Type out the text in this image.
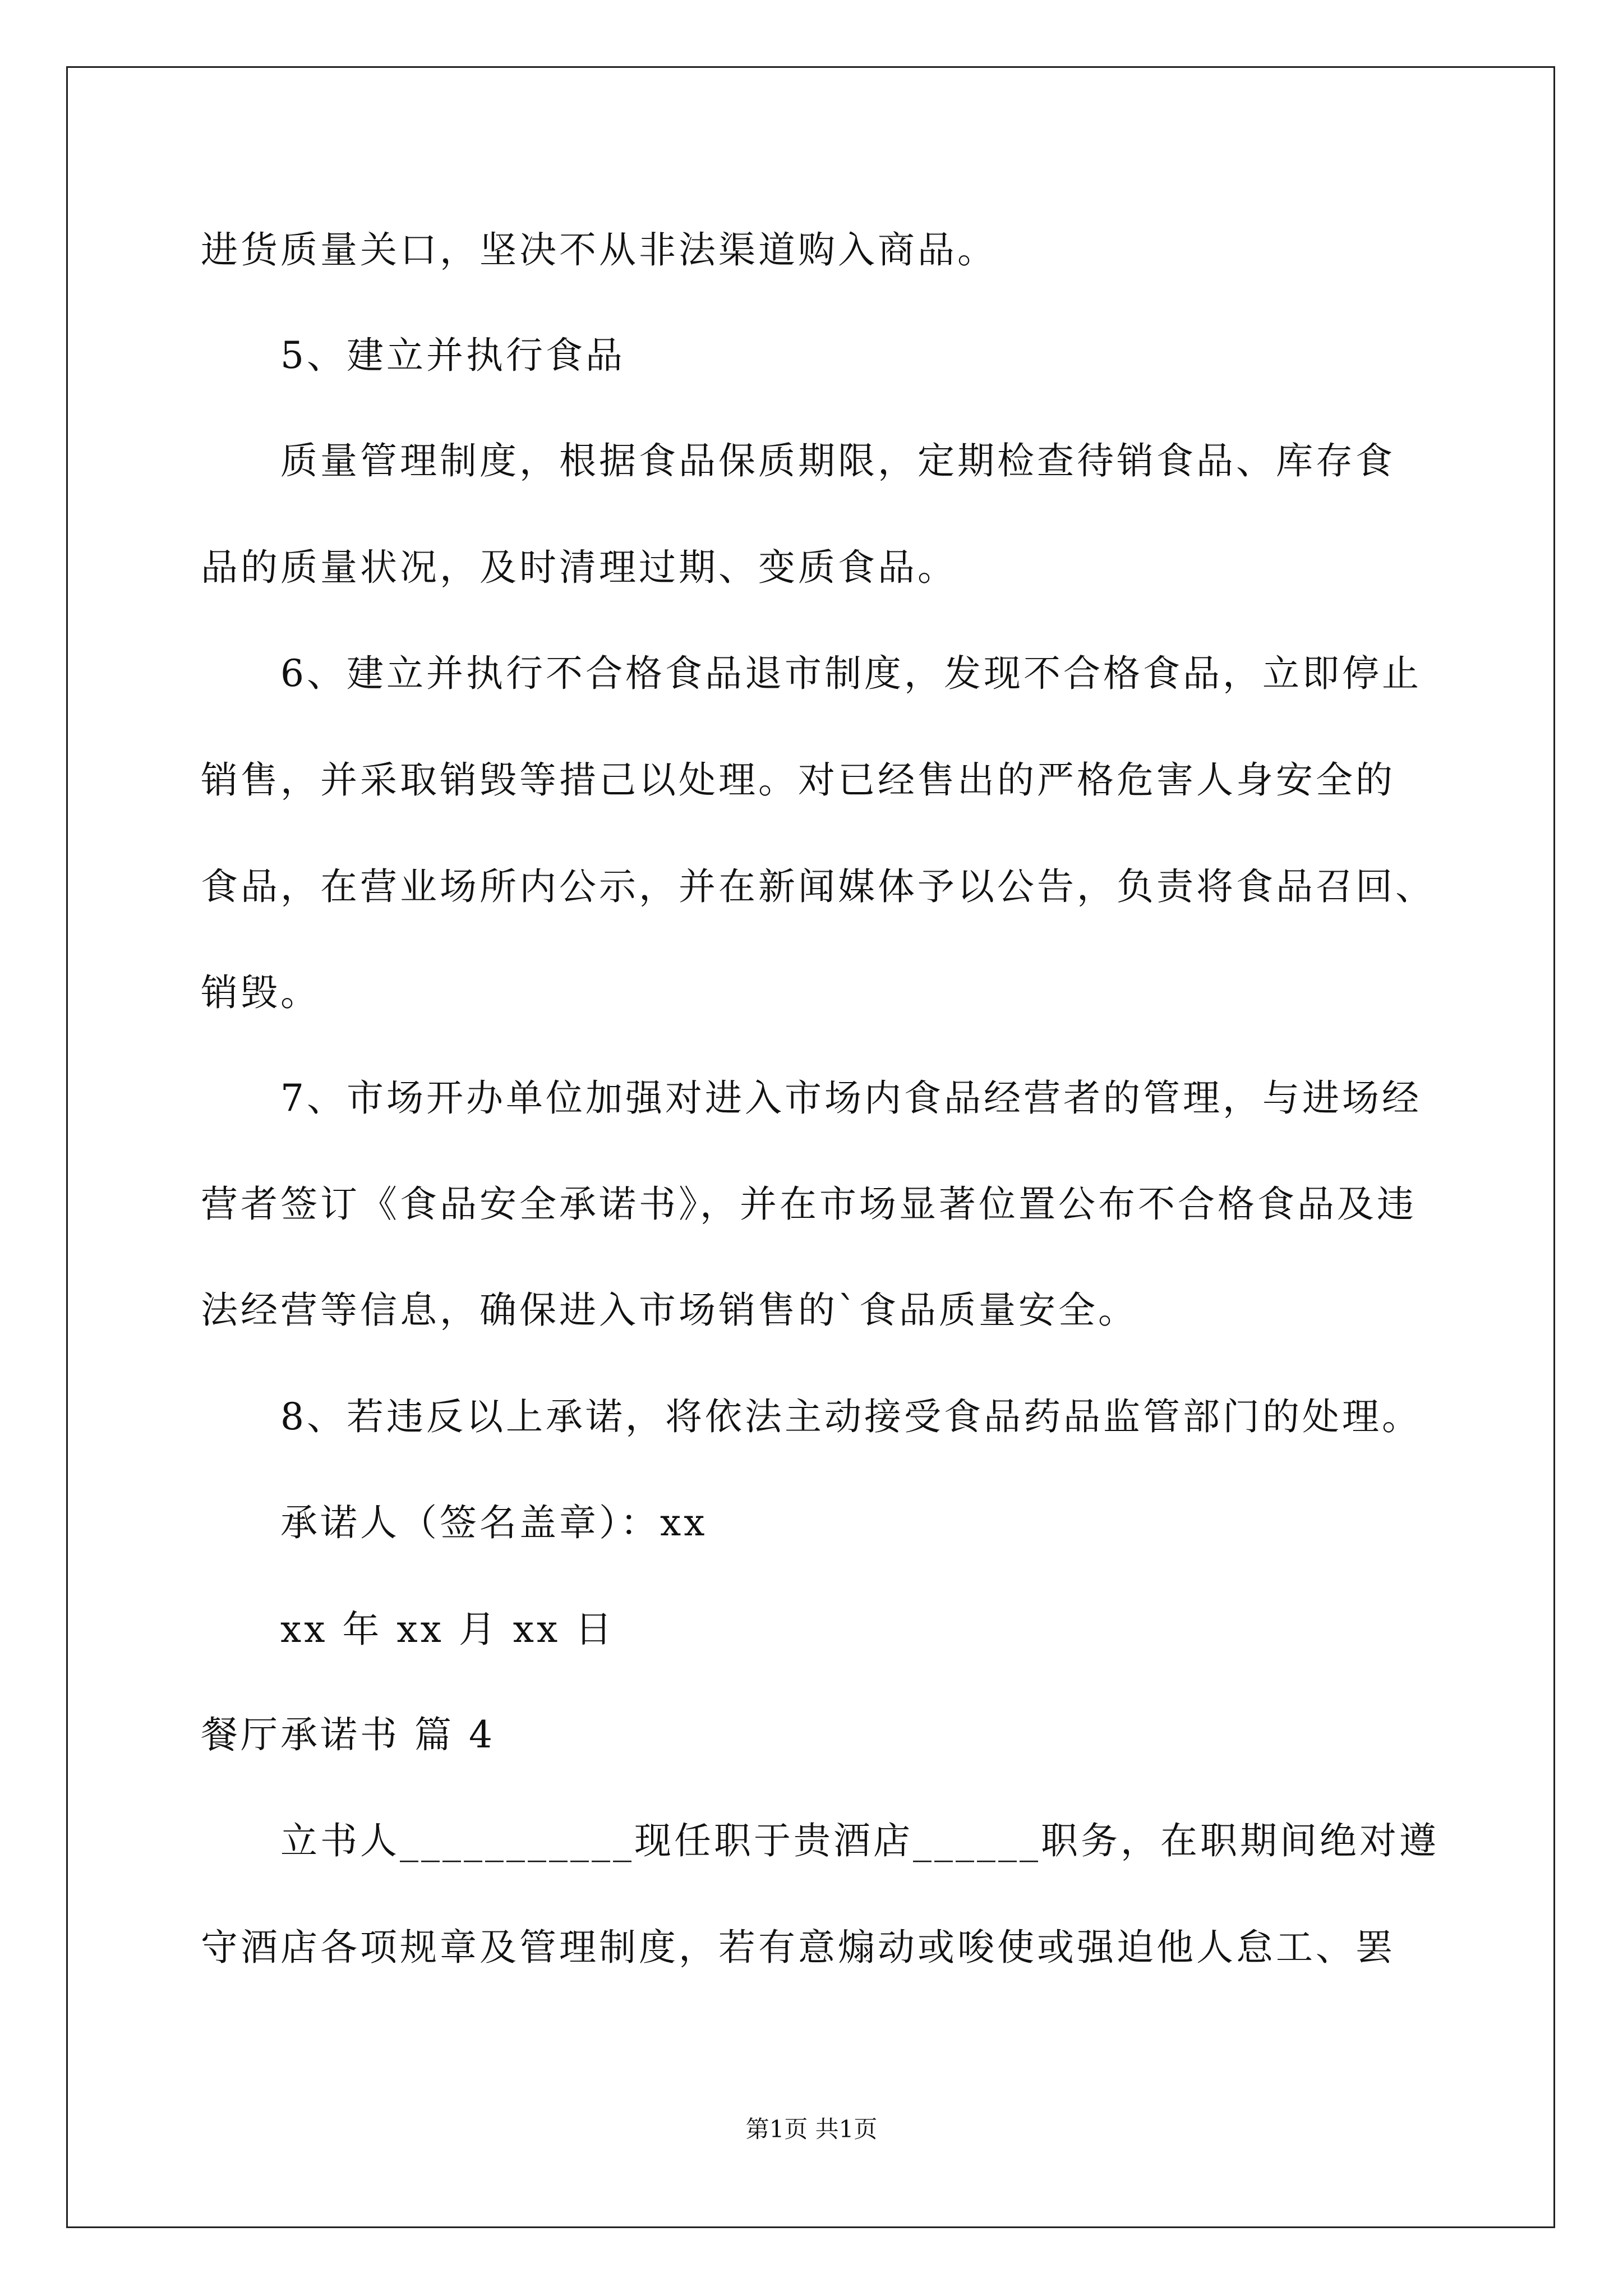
进货质量关口，坚决不从非法渠道购入商品。
5、建立并执行食品
质量管理制度，根据食品保质期限，定期检查待销食品、库存食
品的质量状况，及时清理过期、变质食品。
6、建立并执行不合格食品退市制度，发现不合格食品，立即停止
销售，并采取销毁等措己以处理。对已经售出的严格危害人身安全的
食品，在营业场所内公示，并在新闻媒体予以公告，负责将食品召回、
销毁。
7、市场开办单位加强对进入市场内食品经营者的管理，与进场经
营者签订《食品安全承诺书》，并在市场显著位置公布不合格食品及违
法经营等信息，确保进入市场销售的`食品质量安全。
8、若违反以上承诺，将依法主动接受食品药品监管部门的处理。
承诺人（签名盖章）：xx
xx 年 xx 月 xx 日
餐厅承诺书 篇 4
立书人___________现任职于贵酒店______职务，在职期间绝对遵
守酒店各项规章及管理制度，若有意煽动或唆使或强迫他人怠工、罢
第1页 共1页
